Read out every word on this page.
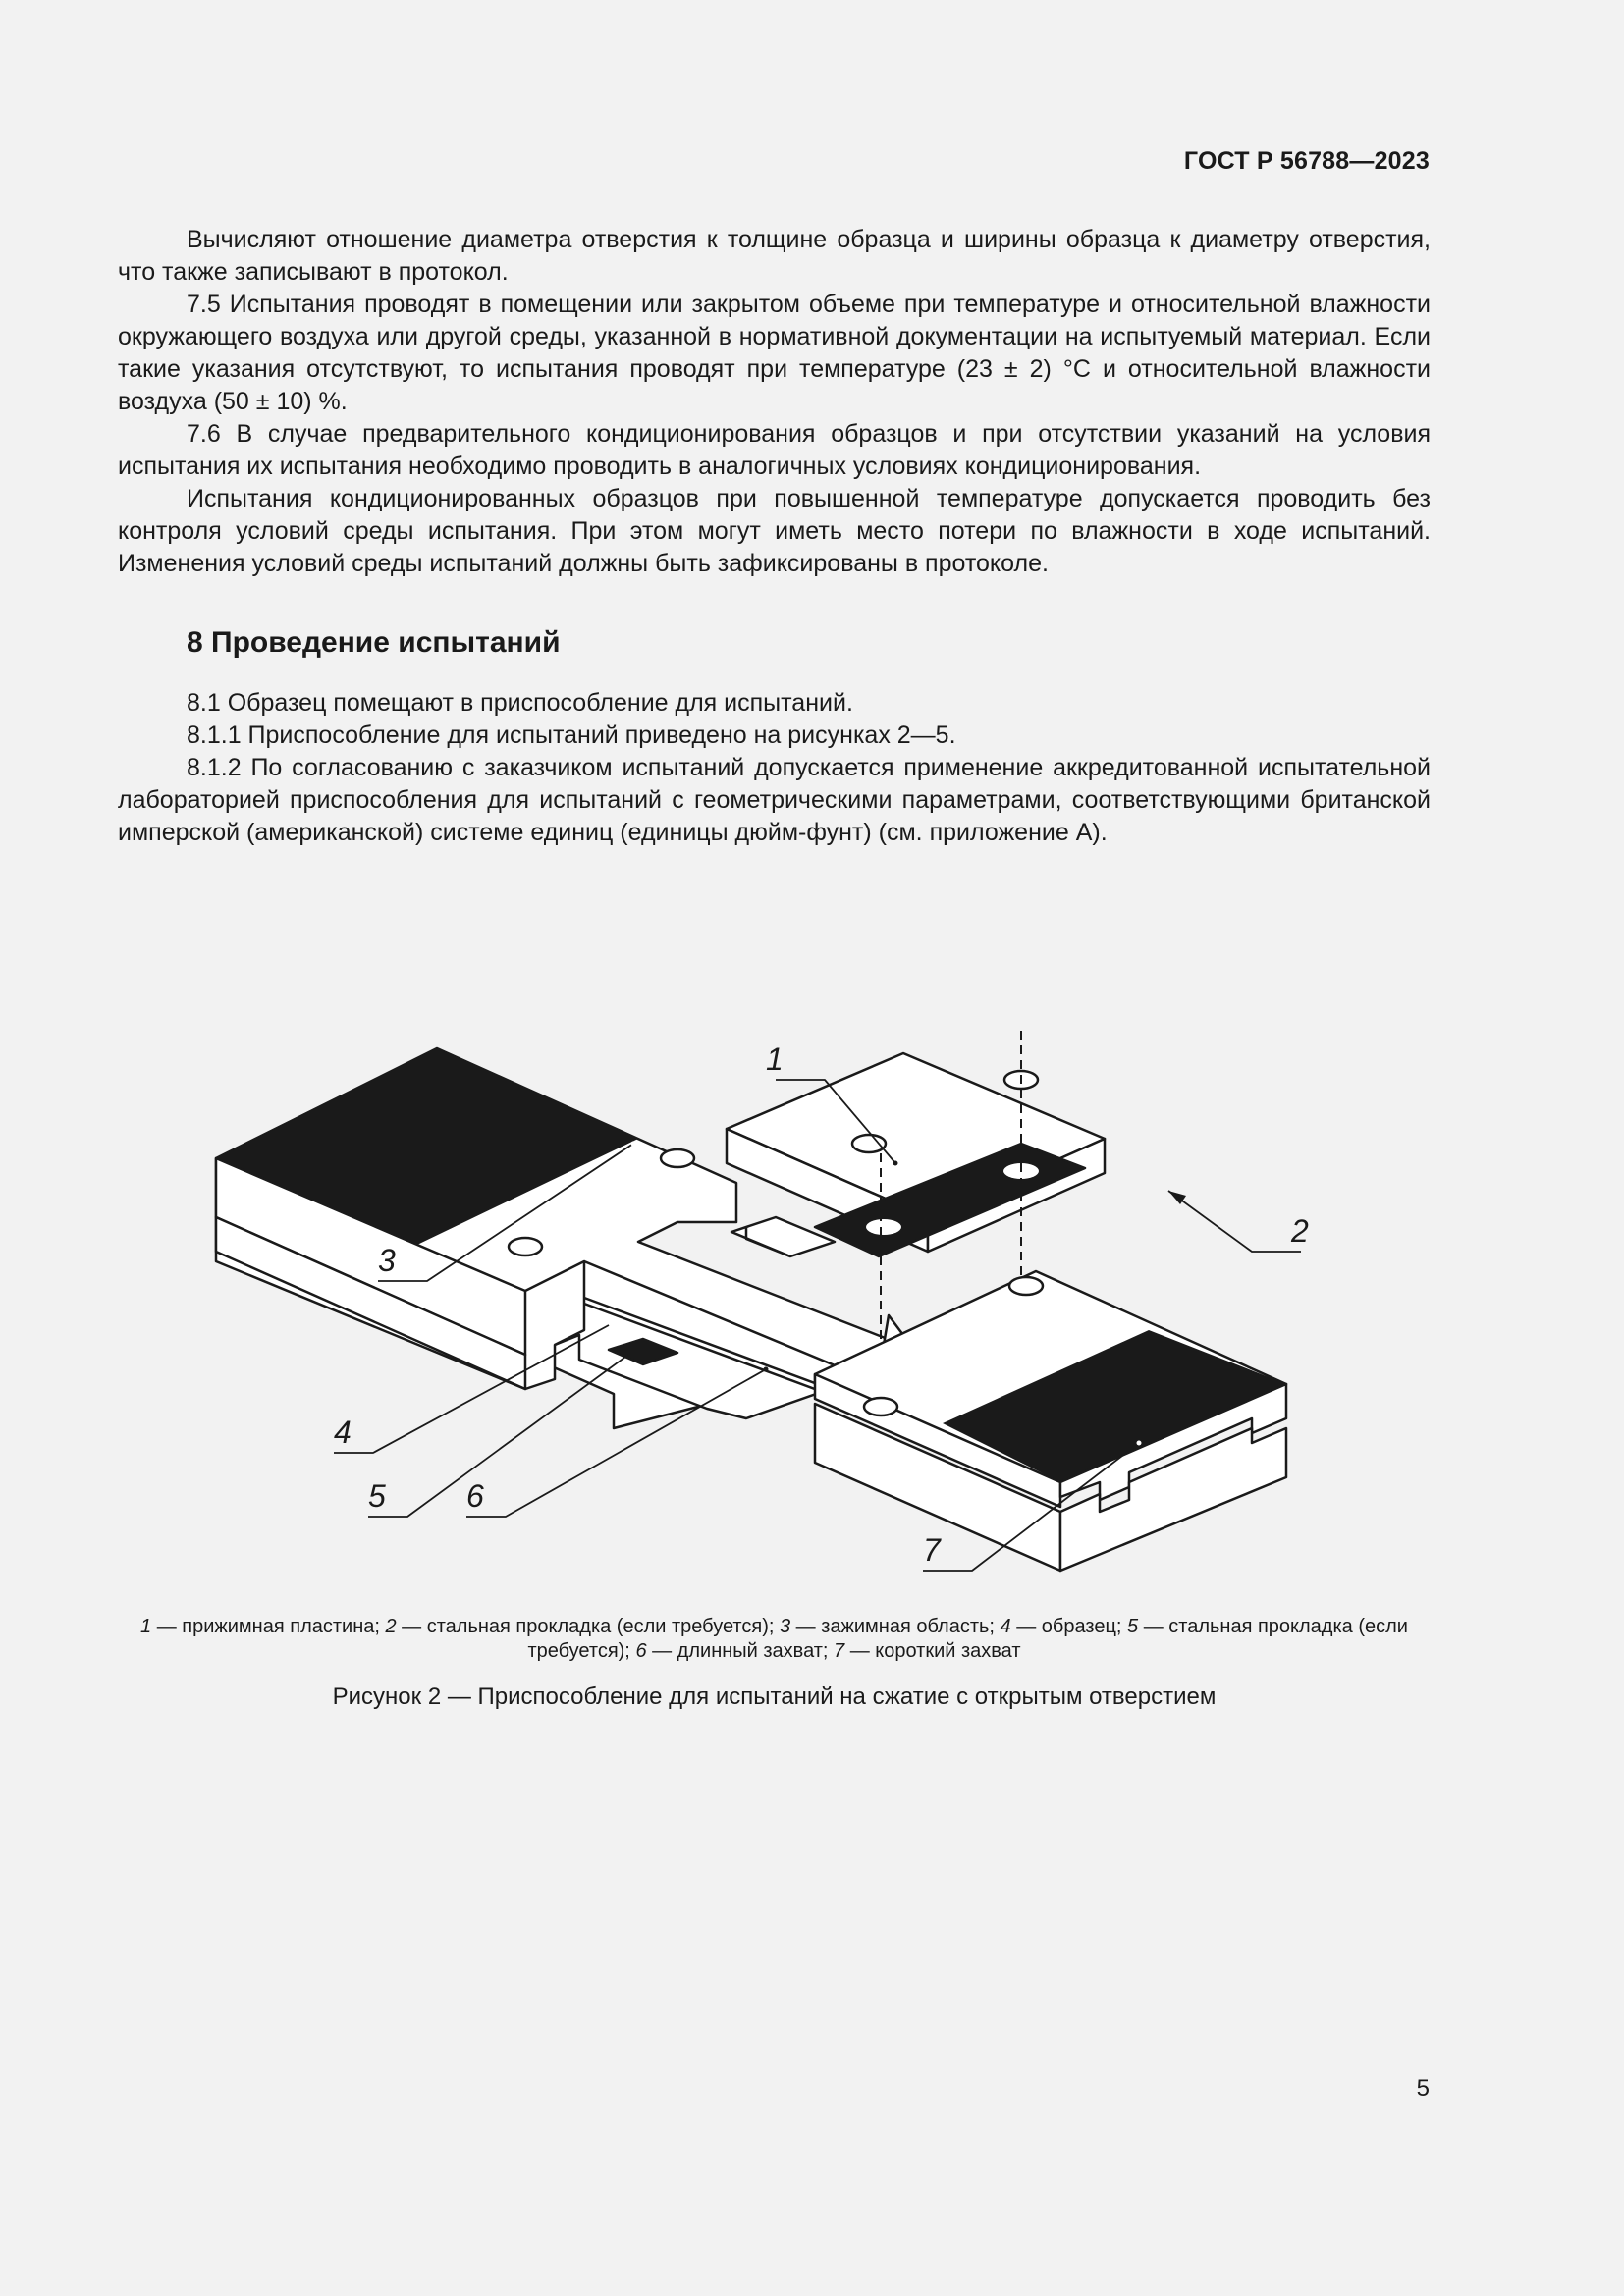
ГОСТ Р 56788—2023

Вычисляют отношение диаметра отверстия к толщине образца и ширины образца к диаметру отверстия, что также записывают в протокол.

7.5 Испытания проводят в помещении или закрытом объеме при температуре и относительной влажности окружающего воздуха или другой среды, указанной в нормативной документации на испытуемый материал. Если такие указания отсутствуют, то испытания проводят при температуре (23 ± 2) °С и относительной влажности воздуха (50 ± 10) %.

7.6 В случае предварительного кондиционирования образцов и при отсутствии указаний на условия испытания их испытания необходимо проводить в аналогичных условиях кондиционирования.

Испытания кондиционированных образцов при повышенной температуре допускается проводить без контроля условий среды испытания. При этом могут иметь место потери по влажности в ходе испытаний. Изменения условий среды испытаний должны быть зафиксированы в протоколе.

8 Проведение испытаний

8.1 Образец помещают в приспособление для испытаний.

8.1.1 Приспособление для испытаний приведено на рисунках 2—5.

8.1.2 По согласованию с заказчиком испытаний допускается применение аккредитованной испытательной лабораторией приспособления для испытаний с геометрическими параметрами, соответствующими британской имперской (американской) системе единиц (единицы дюйм-фунт) (см. приложение А).

1
2
3
4
5	6
7
1 — прижимная пластина; 2 — стальная прокладка (если требуется); 3 — зажимная область; 4 — образец; 5 — стальная прокладка (если требуется); 6 — длинный захват; 7 — короткий захват
Рисунок 2 — Приспособление для испытаний на сжатие с открытым отверстием
5
